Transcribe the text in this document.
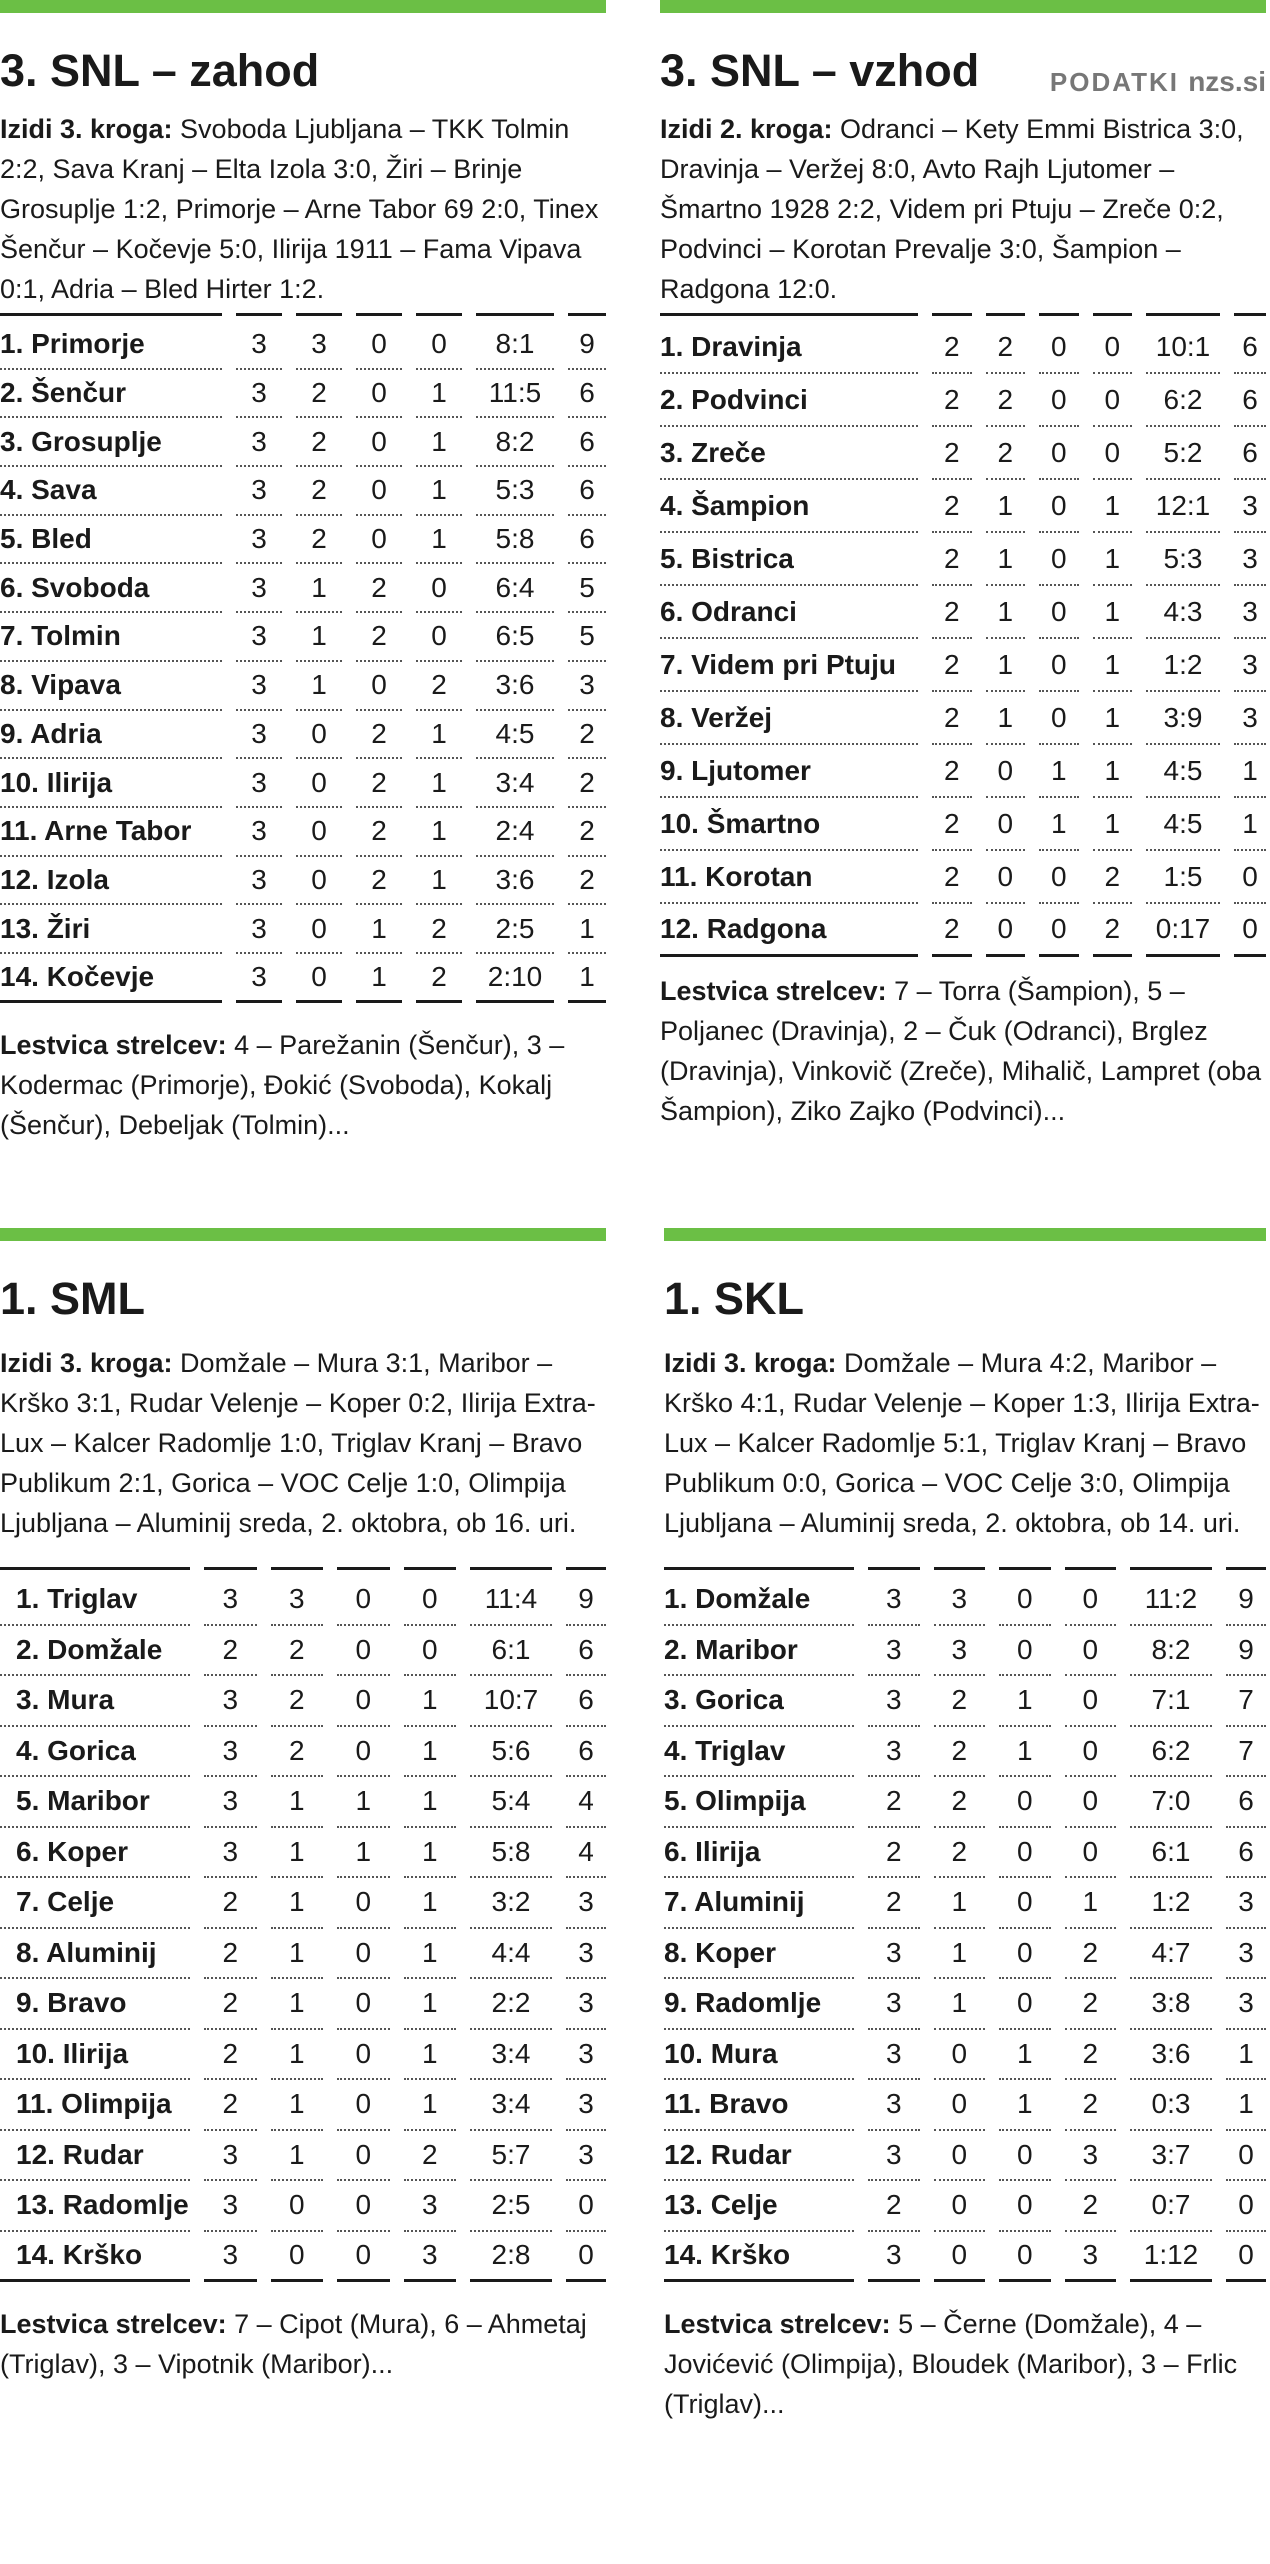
3. SNL – zahod
Izidi 3. kroga: Svoboda Ljubljana – TKK Tolmin 2:2, Sava Kranj – Elta Izola 3:0, Žiri – Brinje Grosuplje 1:2, Primorje – Arne Tabor 69 2:0, Tinex Šenčur – Kočevje 5:0, Ilirija 1911 – Fama Vipava 0:1, Adria – Bled Hirter 1:2.

1. Primorje	3	3	0	0	8:1	9
2. Šenčur	3	2	0	1	11:5	6
3. Grosuplje	3	2	0	1	8:2	6
4. Sava	3	2	0	1	5:3	6
5. Bled	3	2	0	1	5:8	6
6. Svoboda	3	1	2	0	6:4	5
7. Tolmin	3	1	2	0	6:5	5
8. Vipava	3	1	0	2	3:6	3
9. Adria	3	0	2	1	4:5	2
10. Ilirija	3	0	2	1	3:4	2
11. Arne Tabor	3	0	2	1	2:4	2
12. Izola	3	0	2	1	3:6	2
13. Žiri	3	0	1	2	2:5	1
14. Kočevje	3	0	1	2	2:10	1
Lestvica strelcev: 4 – Parežanin (Šenčur), 3 – Kodermac (Primorje), Đokić (Svoboda), Kokalj (Šenčur), Debeljak (Tolmin)...
3. SNL – vzhod	PODATKI nzs.si
Izidi 2. kroga: Odranci – Kety Emmi Bistrica 3:0, Dravinja – Veržej 8:0, Avto Rajh Ljutomer – Šmartno 1928 2:2, Videm pri Ptuju – Zreče 0:2, Podvinci – Korotan Prevalje 3:0, Šampion – Radgona 12:0.

1. Dravinja	2	2	0	0	10:1	6
2. Podvinci	2	2	0	0	6:2	6
3. Zreče	2	2	0	0	5:2	6
4. Šampion	2	1	0	1	12:1	3
5. Bistrica	2	1	0	1	5:3	3
6. Odranci	2	1	0	1	4:3	3
7. Videm pri Ptuju	2	1	0	1	1:2	3
8. Veržej	2	1	0	1	3:9	3
9. Ljutomer	2	0	1	1	4:5	1
10. Šmartno	2	0	1	1	4:5	1
11. Korotan	2	0	0	2	1:5	0
12. Radgona	2	0	0	2	0:17	0
Lestvica strelcev: 7 – Torra (Šampion), 5 – Poljanec (Dravinja), 2 – Čuk (Odranci), Brglez (Dravinja), Vinkovič (Zreče), Mihalič, Lampret (oba Šampion), Ziko Zajko (Podvinci)...
1. SML
Izidi 3. kroga: Domžale – Mura 3:1, Maribor – Krško 3:1, Rudar Velenje – Koper 0:2, Ilirija Extra-Lux – Kalcer Radomlje 1:0, Triglav Kranj – Bravo Publikum 2:1, Gorica – VOC Celje 1:0, Olimpija Ljubljana – Aluminij sreda, 2. oktobra, ob 16. uri.

1. Triglav	3	3	0	0	11:4	9
2. Domžale	2	2	0	0	6:1	6
3. Mura	3	2	0	1	10:7	6
4. Gorica	3	2	0	1	5:6	6
5. Maribor	3	1	1	1	5:4	4
6. Koper	3	1	1	1	5:8	4
7. Celje	2	1	0	1	3:2	3
8. Aluminij	2	1	0	1	4:4	3
9. Bravo	2	1	0	1	2:2	3
10. Ilirija	2	1	0	1	3:4	3
11. Olimpija	2	1	0	1	3:4	3
12. Rudar	3	1	0	2	5:7	3
13. Radomlje	3	0	0	3	2:5	0
14. Krško	3	0	0	3	2:8	0
Lestvica strelcev: 7 – Cipot (Mura), 6 – Ahmetaj (Triglav), 3 – Vipotnik (Maribor)...
1. SKL
Izidi 3. kroga: Domžale – Mura 4:2, Maribor – Krško 4:1, Rudar Velenje – Koper 1:3, Ilirija Extra-Lux – Kalcer Radomlje 5:1, Triglav Kranj – Bravo Publikum 0:0, Gorica – VOC Celje 3:0, Olimpija Ljubljana – Aluminij sreda, 2. oktobra, ob 14. uri.

1. Domžale	3	3	0	0	11:2	9
2. Maribor	3	3	0	0	8:2	9
3. Gorica	3	2	1	0	7:1	7
4. Triglav	3	2	1	0	6:2	7
5. Olimpija	2	2	0	0	7:0	6
6. Ilirija	2	2	0	0	6:1	6
7. Aluminij	2	1	0	1	1:2	3
8. Koper	3	1	0	2	4:7	3
9. Radomlje	3	1	0	2	3:8	3
10. Mura	3	0	1	2	3:6	1
11. Bravo	3	0	1	2	0:3	1
12. Rudar	3	0	0	3	3:7	0
13. Celje	2	0	0	2	0:7	0
14. Krško	3	0	0	3	1:12	0
Lestvica strelcev: 5 – Černe (Domžale), 4 – Jovićević (Olimpija), Bloudek (Maribor), 3 – Frlic (Triglav)...
